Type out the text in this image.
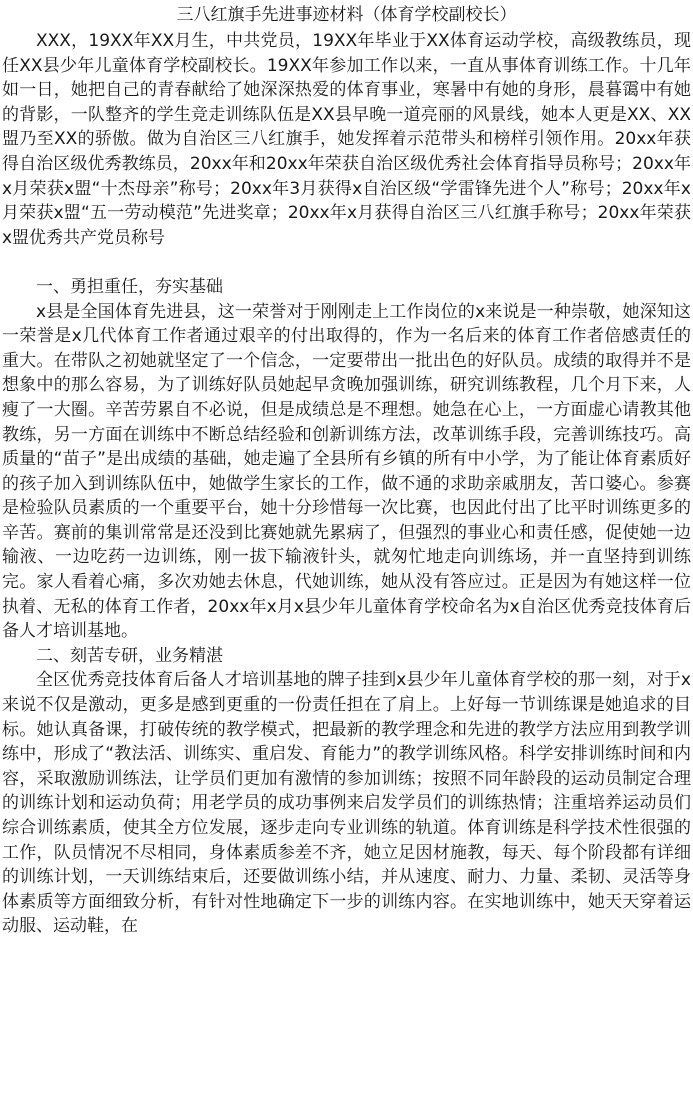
三八红旗手先进事迹材料（体育学校副校长）

XXX，19XX年XX月生，中共党员，19XX年毕业于XX体育运动学校，高级教练员，现任XX县少年儿童体育学校副校长。19XX年参加工作以来，一直从事体育训练工作。十几年如一日，她把自己的青春献给了她深深热爱的体育事业，寒暑中有她的身形，晨暮霭中有她的背影，一队整齐的学生竞走训练队伍是XX县早晚一道亮丽的风景线，她本人更是XX、XX盟乃至XX的骄傲。做为自治区三八红旗手，她发挥着示范带头和榜样引领作用。20xx年获得自治区级优秀教练员，20xx年和20xx年荣获自治区级优秀社会体育指导员称号；20xx年x月荣获x盟“十杰母亲”称号；20xx年3月获得x自治区级“学雷锋先进个人”称号；20xx年x月荣获x盟“五一劳动模范”先进奖章；20xx年x月获得自治区三八红旗手称号；20xx年荣获x盟优秀共产党员称号

一、勇担重任，夯实基础

x县是全国体育先进县，这一荣誉对于刚刚走上工作岗位的x来说是一种崇敬，她深知这一荣誉是x几代体育工作者通过艰辛的付出取得的，作为一名后来的体育工作者倍感责任的重大。在带队之初她就坚定了一个信念，一定要带出一批出色的好队员。成绩的取得并不是想象中的那么容易，为了训练好队员她起早贪晚加强训练，研究训练教程，几个月下来，人瘦了一大圈。辛苦劳累自不必说，但是成绩总是不理想。她急在心上，一方面虚心请教其他教练，另一方面在训练中不断总结经验和创新训练方法，改革训练手段，完善训练技巧。高质量的“苗子”是出成绩的基础，她走遍了全县所有乡镇的所有中小学，为了能让体育素质好的孩子加入到训练队伍中，她做学生家长的工作，做不通的求助亲戚朋友，苦口婆心。参赛是检验队员素质的一个重要平台，她十分珍惜每一次比赛，也因此付出了比平时训练更多的辛苦。赛前的集训常常是还没到比赛她就先累病了，但强烈的事业心和责任感，促使她一边输液、一边吃药一边训练，刚一拔下输液针头，就匆忙地走向训练场，并一直坚持到训练完。家人看着心痛，多次劝她去休息，代她训练，她从没有答应过。正是因为有她这样一位执着、无私的体育工作者，20xx年x月x县少年儿童体育学校命名为x自治区优秀竞技体育后备人才培训基地。

二、刻苦专研，业务精湛

全区优秀竞技体育后备人才培训基地的牌子挂到x县少年儿童体育学校的那一刻，对于x来说不仅是激动，更多是感到更重的一份责任担在了肩上。上好每一节训练课是她追求的目标。她认真备课，打破传统的教学模式，把最新的教学理念和先进的教学方法应用到教学训练中，形成了“教法活、训练实、重启发、育能力”的教学训练风格。科学安排训练时间和内容，采取激励训练法，让学员们更加有激情的参加训练；按照不同年龄段的运动员制定合理的训练计划和运动负荷；用老学员的成功事例来启发学员们的训练热情；注重培养运动员们综合训练素质，使其全方位发展，逐步走向专业训练的轨道。体育训练是科学技术性很强的工作，队员情况不尽相同，身体素质参差不齐，她立足因材施教，每天、每个阶段都有详细的训练计划，一天训练结束后，还要做训练小结，并从速度、耐力、力量、柔韧、灵活等身体素质等方面细致分析，有针对性地确定下一步的训练内容。在实地训练中，她天天穿着运动服、运动鞋，在
